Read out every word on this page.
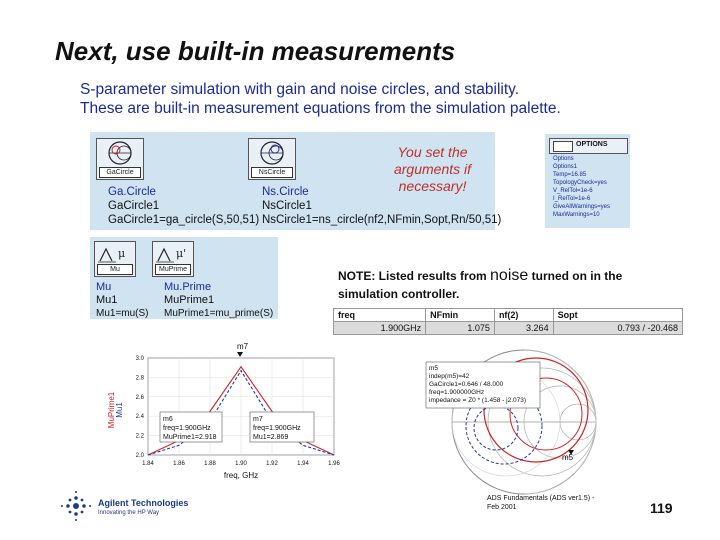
Next, use built-in measurements
S-parameter simulation with gain and noise circles, and stability.
These are built-in measurement equations from the simulation palette.
GaCircle	NsCircle
Ga.Circle
GaCircle1
GaCircle1=ga_circle(S,50,51)
Ns.Circle
NsCircle1
NsCircle1=ns_circle(nf2,NFmin,Sopt,Rn/50,51)
You set the arguments if necessary!
OPTIONS
Options
Options1
Temp=16.85
TopologyCheck=yes
V_RelTol=1e-6
I_RelTol=1e-6
GiveAllWarnings=yes
MaxWarnings=10
μ
Mu
μ'
MuPrime
Mu
Mu1
Mu1=mu(S)
Mu.Prime
MuPrime1
MuPrime1=mu_prime(S)
NOTE: Listed results from noise turned on in the simulation controller.
freq	NFmin	nf(2)	Sopt
1.900GHz	1.075	3.264	0.793 / -20.468
MuPrime1 Mu1
1.84	1.86	1.88	1.90	1.92	1.94	1.96
3.0
2.8
2.6
2.4
2.2
2.0
m7
m6
freq=1.900GHz
MuPrime1=2.918
m7
freq=1.900GHz
Mu1=2.869
freq, GHz
m5
m5
indep(m5)=42
GaCircle1=0.646 / 48.000
freq=1.900000GHz
impedance = Z0 * (1.458 - j2.073)
Agilent Technologies
Innovating the HP Way
ADS Fundamentals (ADS ver1.5) - Feb 2001	119
